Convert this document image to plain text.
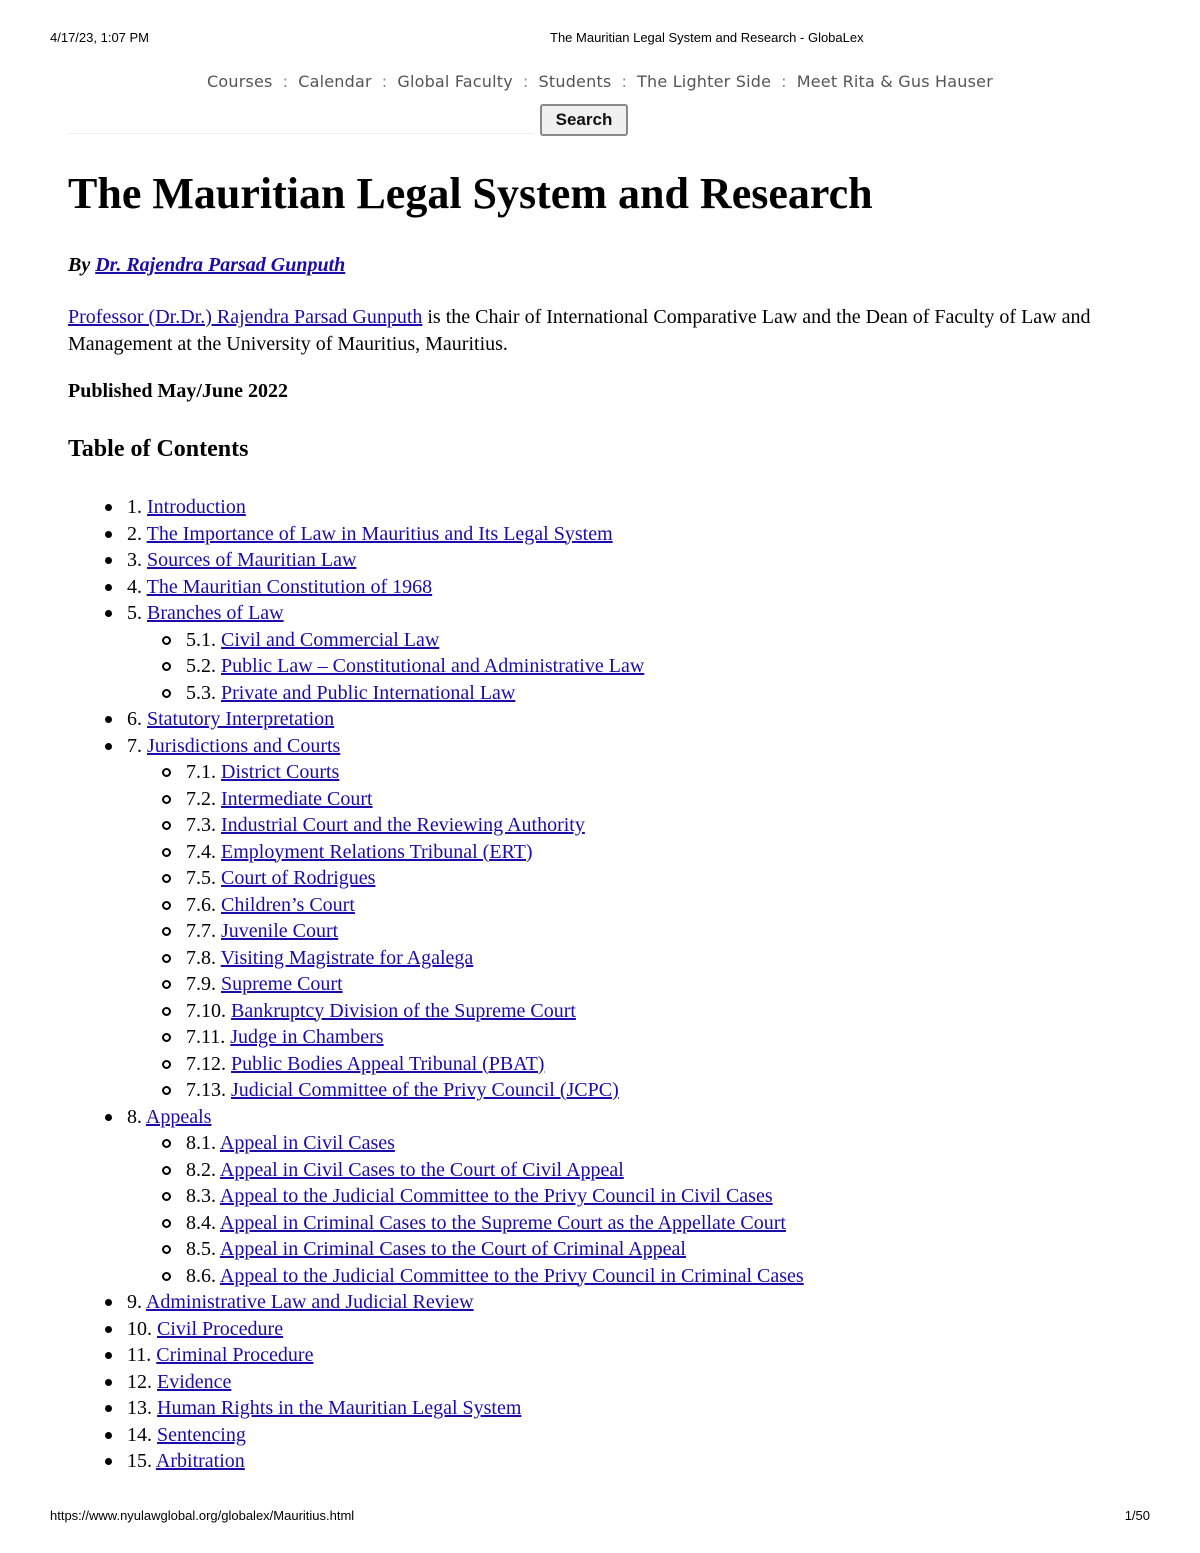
4/17/23, 1:07 PM	The Mauritian Legal System and Research - GlobaLex
Courses : Calendar : Global Faculty : Students : The Lighter Side : Meet Rita & Gus Hauser
Search
The Mauritian Legal System and Research

By Dr. Rajendra Parsad Gunputh

Professor (Dr.Dr.) Rajendra Parsad Gunputh is the Chair of International Comparative Law and the Dean of Faculty of Law and Management at the University of Mauritius, Mauritius.

Published May/June 2022

Table of Contents
1. Introduction
2. The Importance of Law in Mauritius and Its Legal System
3. Sources of Mauritian Law
4. The Mauritian Constitution of 1968
5. Branches of Law
5.1. Civil and Commercial Law
5.2. Public Law – Constitutional and Administrative Law
5.3. Private and Public International Law
6. Statutory Interpretation
7. Jurisdictions and Courts
7.1. District Courts
7.2. Intermediate Court
7.3. Industrial Court and the Reviewing Authority
7.4. Employment Relations Tribunal (ERT)
7.5. Court of Rodrigues
7.6. Children’s Court
7.7. Juvenile Court
7.8. Visiting Magistrate for Agalega
7.9. Supreme Court
7.10. Bankruptcy Division of the Supreme Court
7.11. Judge in Chambers
7.12. Public Bodies Appeal Tribunal (PBAT)
7.13. Judicial Committee of the Privy Council (JCPC)
8. Appeals
8.1. Appeal in Civil Cases
8.2. Appeal in Civil Cases to the Court of Civil Appeal
8.3. Appeal to the Judicial Committee to the Privy Council in Civil Cases
8.4. Appeal in Criminal Cases to the Supreme Court as the Appellate Court
8.5. Appeal in Criminal Cases to the Court of Criminal Appeal
8.6. Appeal to the Judicial Committee to the Privy Council in Criminal Cases
9. Administrative Law and Judicial Review
10. Civil Procedure
11. Criminal Procedure
12. Evidence
13. Human Rights in the Mauritian Legal System
14. Sentencing
15. Arbitration
https://www.nyulawglobal.org/globalex/Mauritius.html	1/50
